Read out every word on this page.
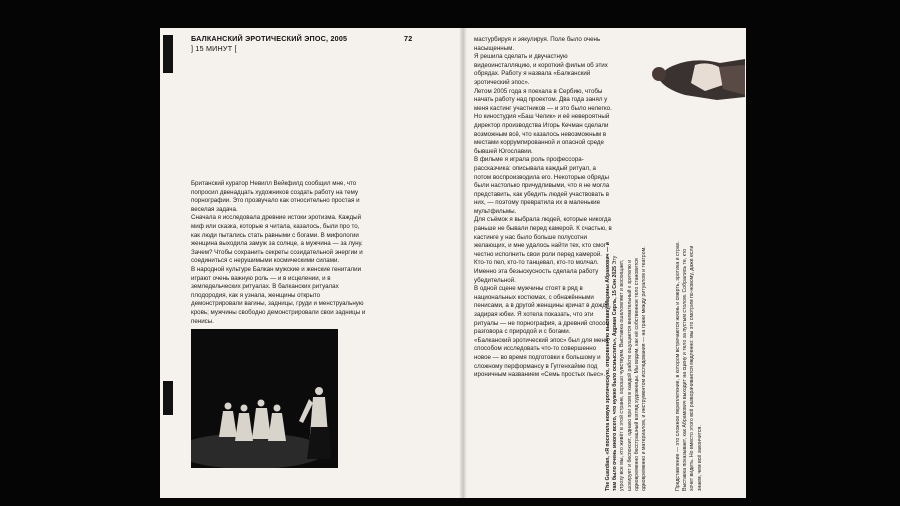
БАЛКАНСКИЙ ЭРОТИЧЕСКИЙ ЭПОС, 2005
] 15 МИНУТ [
72

Британский куратор Невилл Вейкфилд сообщил мне, что попросил двенадцать художников создать работу на тему порнографии. Это прозвучало как относительно простая и веселая задача.

Сначала я исследовала древние истоки эротизма. Каждый миф или сказка, которые я читала, казалось, были про то, как люди пытались стать равными с богами. В мифологии женщина выходила замуж за солнце, а мужчина — за луну. Зачем? Чтобы сохранить секреты созидательной энергии и соединиться с нерушимыми космическими силами.

В народной культуре Балкан мужские и женские гениталии играют очень важную роль — и в исцелении, и в земледельческих ритуалах. В балканских ритуалах плодородия, как я узнала, женщины открыто демонстрировали вагины, задницы, груди и менструальную кровь; мужчины свободно демонстрировали свои задницы и пенисы.

мастурбируя и эякулируя. Поле было очень насыщенным.

Я решила сделать и двучастную видеоинсталляцию, и короткий фильм об этих обрядах. Работу я назвала «Балканский эротический эпос».

Летом 2005 года я поехала в Сербию, чтобы начать работу над проектом. Два года занял у меня кастинг участников — и это было нелегко. Но киностудия «Баш Челик» и её невероятный директор производства Игорь Кечман сделали возможным всё, что казалось невозможным в местами коррумпированной и опасной среде бывшей Югославии.

В фильме я играла роль профессора-рассказчика: описывала каждый ритуал, а потом воспроизводила его. Некоторые обряды были настолько причудливыми, что я не могла представить, как убедить людей участвовать в них, — поэтому превратила их в маленькие мультфильмы.

Для съёмок я выбрала людей, которые никогда раньше не бывали перед камерой. К счастью, в кастинге у нас было больше полусотни желающих, и мне удалось найти тех, кто смог честно исполнить свои роли перед камерой. Кто-то пел, кто-то танцевал, кто-то молчал. Именно эта безыскусность сделала работу убедительной.

В одной сцене мужчины стоят в ряд в национальных костюмах, с обнажёнными пенисами, а в другой женщины кричат в дождь, задирая юбки. Я хотела показать, что эти ритуалы — не порнография, а древний способ разговора с природой и с богами.

«Балканский эротический эпос» был для меня способом исследовать что-то совершенно новое — во время подготовки к большому и сложному перформансу в Гуггенхайме под ироничным названием «Семь простых пьес». The Guardian, «Я посетила новую эротическую, откровенную выставку Марины Абрамович — и там было очень много всего, что нужно было осмыслить», Адриан Сирль, 15 Сен 2025 Эту угрозу все мы, кто живёт в этой стране, хорошо чувствуем. Выставка ошеломляет и восхищает, шокирует и беспокоит, однако при этом в каждой работе ощущается внимательный к зрителю и одновременно бесстрашный взгляд художницы. Мы видим, как её собственное тело становится одновременно и материалом, и инструментом исследования — на грани между ритуалом и театром.	Представление — это сложное переплетение, в котором встречаются жизнь и смерть, эротика и страх. Выставка показывает, как Абрамович выходит на сцену и тело за пустым столом. Собрались те, кто хочет видеть. Но вместо этого всё разворачивается медленно: мы это смотрим по-новому, даже если знаем, чем всё закончится.
